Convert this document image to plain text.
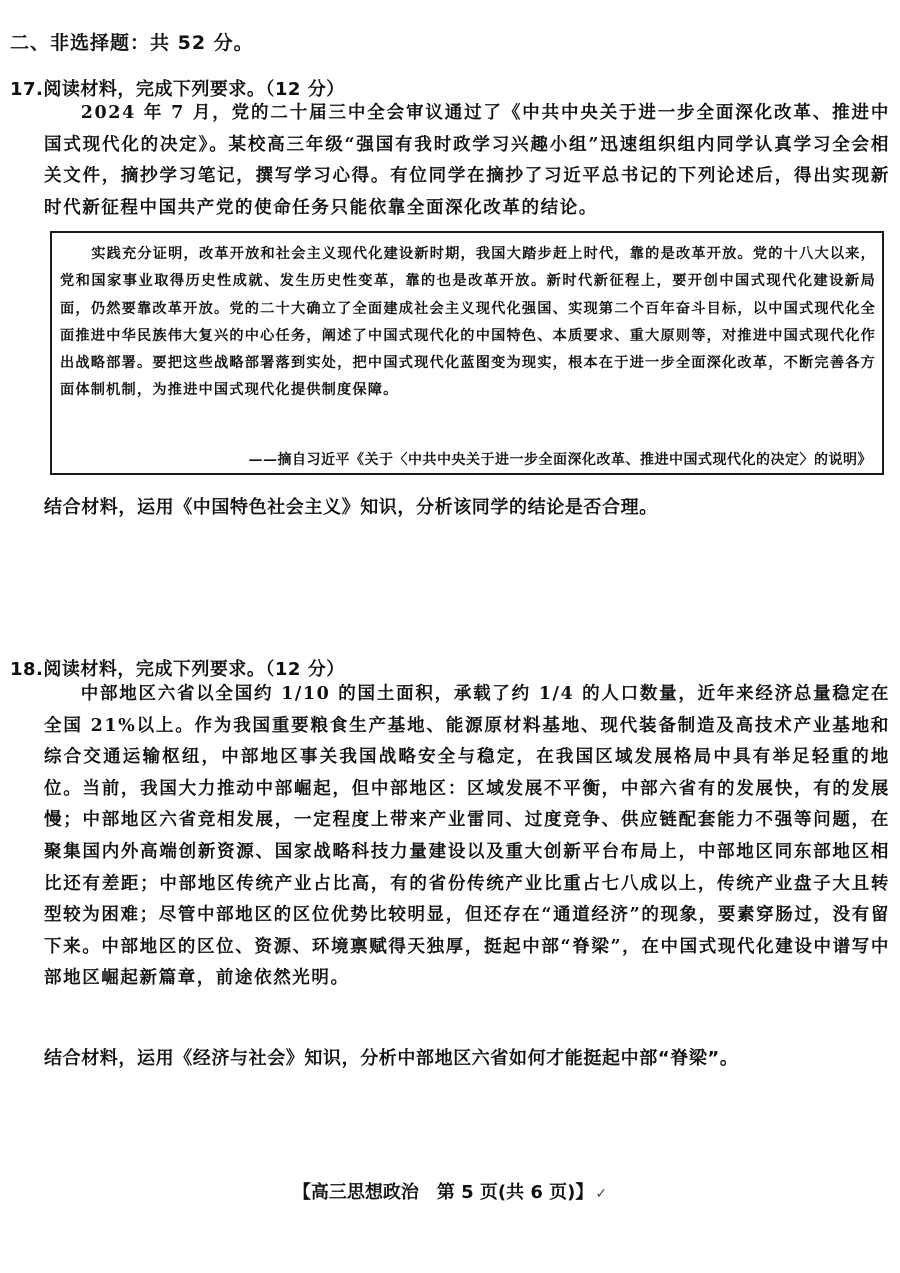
二、非选择题：共 52 分。
17.阅读材料，完成下列要求。（12 分）
2024 年 7 月，党的二十届三中全会审议通过了《中共中央关于进一步全面深化改革、推进中国式现代化的决定》。某校高三年级“强国有我时政学习兴趣小组”迅速组织组内同学认真学习全会相关文件，摘抄学习笔记，撰写学习心得。有位同学在摘抄了习近平总书记的下列论述后，得出实现新时代新征程中国共产党的使命任务只能依靠全面深化改革的结论。
实践充分证明，改革开放和社会主义现代化建设新时期，我国大踏步赶上时代，靠的是改革开放。党的十八大以来，党和国家事业取得历史性成就、发生历史性变革，靠的也是改革开放。新时代新征程上，要开创中国式现代化建设新局面，仍然要靠改革开放。党的二十大确立了全面建成社会主义现代化强国、实现第二个百年奋斗目标，以中国式现代化全面推进中华民族伟大复兴的中心任务，阐述了中国式现代化的中国特色、本质要求、重大原则等，对推进中国式现代化作出战略部署。要把这些战略部署落到实处，把中国式现代化蓝图变为现实，根本在于进一步全面深化改革，不断完善各方面体制机制，为推进中国式现代化提供制度保障。
——摘自习近平《关于〈中共中央关于进一步全面深化改革、推进中国式现代化的决定〉的说明》
结合材料，运用《中国特色社会主义》知识，分析该同学的结论是否合理。
18.阅读材料，完成下列要求。（12 分）
中部地区六省以全国约 1/10 的国土面积，承载了约 1/4 的人口数量，近年来经济总量稳定在全国 21%以上。作为我国重要粮食生产基地、能源原材料基地、现代装备制造及高技术产业基地和综合交通运输枢纽，中部地区事关我国战略安全与稳定，在我国区域发展格局中具有举足轻重的地位。当前，我国大力推动中部崛起，但中部地区：区域发展不平衡，中部六省有的发展快，有的发展慢；中部地区六省竞相发展，一定程度上带来产业雷同、过度竞争、供应链配套能力不强等问题，在聚集国内外高端创新资源、国家战略科技力量建设以及重大创新平台布局上，中部地区同东部地区相比还有差距；中部地区传统产业占比高，有的省份传统产业比重占七八成以上，传统产业盘子大且转型较为困难；尽管中部地区的区位优势比较明显，但还存在“通道经济”的现象，要素穿肠过，没有留下来。中部地区的区位、资源、环境禀赋得天独厚，挺起中部“脊梁”，在中国式现代化建设中谱写中部地区崛起新篇章，前途依然光明。
结合材料，运用《经济与社会》知识，分析中部地区六省如何才能挺起中部“脊梁”。
【高三思想政治　第 5 页(共 6 页)】 ✓
